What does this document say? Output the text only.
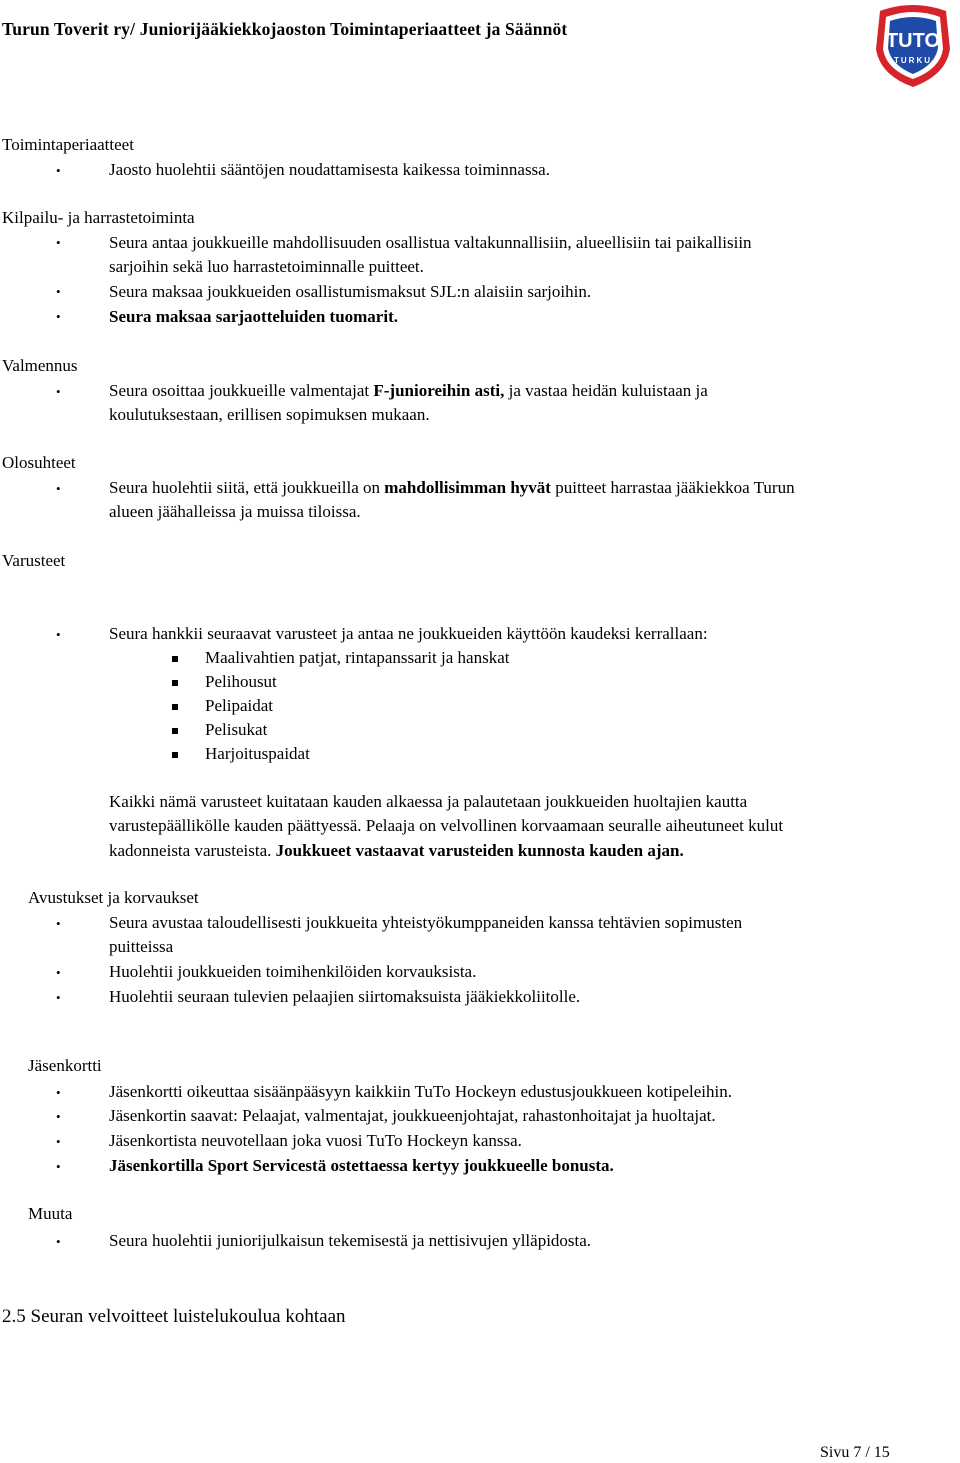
Turun Toverit ry/ Juniorijääkiekkojaoston Toimintaperiaatteet ja Säännöt
TUTO
TURKU
Toimintaperiaatteet
•	Jaosto huolehtii sääntöjen noudattamisesta kaikessa toiminnassa.
Kilpailu- ja harrastetoiminta
•	Seura antaa joukkueille mahdollisuuden osallistua valtakunnallisiin, alueellisiin tai paikallisiin
sarjoihin sekä luo harrastetoiminnalle puitteet.
•	Seura maksaa joukkueiden osallistumismaksut SJL:n alaisiin sarjoihin.
•	Seura maksaa sarjaotteluiden tuomarit.
Valmennus
•	Seura osoittaa joukkueille valmentajat F-junioreihin asti, ja vastaa heidän kuluistaan ja
koulutuksestaan, erillisen sopimuksen mukaan.
Olosuhteet
•	Seura huolehtii siitä, että joukkueilla on mahdollisimman hyvät puitteet harrastaa jääkiekkoa Turun
alueen jäähalleissa ja muissa tiloissa.
Varusteet
•	Seura hankkii seuraavat varusteet ja antaa ne joukkueiden käyttöön kaudeksi kerrallaan:
Maalivahtien patjat, rintapanssarit ja hanskat
Pelihousut
Pelipaidat
Pelisukat
Harjoituspaidat
Kaikki nämä varusteet kuitataan kauden alkaessa ja palautetaan joukkueiden huoltajien kautta
varustepäällikölle kauden päättyessä. Pelaaja on velvollinen korvaamaan seuralle aiheutuneet kulut
kadonneista varusteista. Joukkueet vastaavat varusteiden kunnosta kauden ajan.
Avustukset ja korvaukset
•	Seura avustaa taloudellisesti joukkueita yhteistyökumppaneiden kanssa tehtävien sopimusten
puitteissa
•	Huolehtii joukkueiden toimihenkilöiden korvauksista.
•	Huolehtii seuraan tulevien pelaajien siirtomaksuista jääkiekkoliitolle.
Jäsenkortti
•	Jäsenkortti oikeuttaa sisäänpääsyyn kaikkiin TuTo Hockeyn edustusjoukkueen kotipeleihin.
•	Jäsenkortin saavat: Pelaajat, valmentajat, joukkueenjohtajat, rahastonhoitajat ja huoltajat.
•	Jäsenkortista neuvotellaan joka vuosi TuTo Hockeyn kanssa.
•	Jäsenkortilla Sport Servicestä ostettaessa kertyy joukkueelle bonusta.
Muuta
•	Seura huolehtii juniorijulkaisun tekemisestä ja nettisivujen ylläpidosta.
2.5 Seuran velvoitteet luistelukoulua kohtaan
Sivu 7 / 15
